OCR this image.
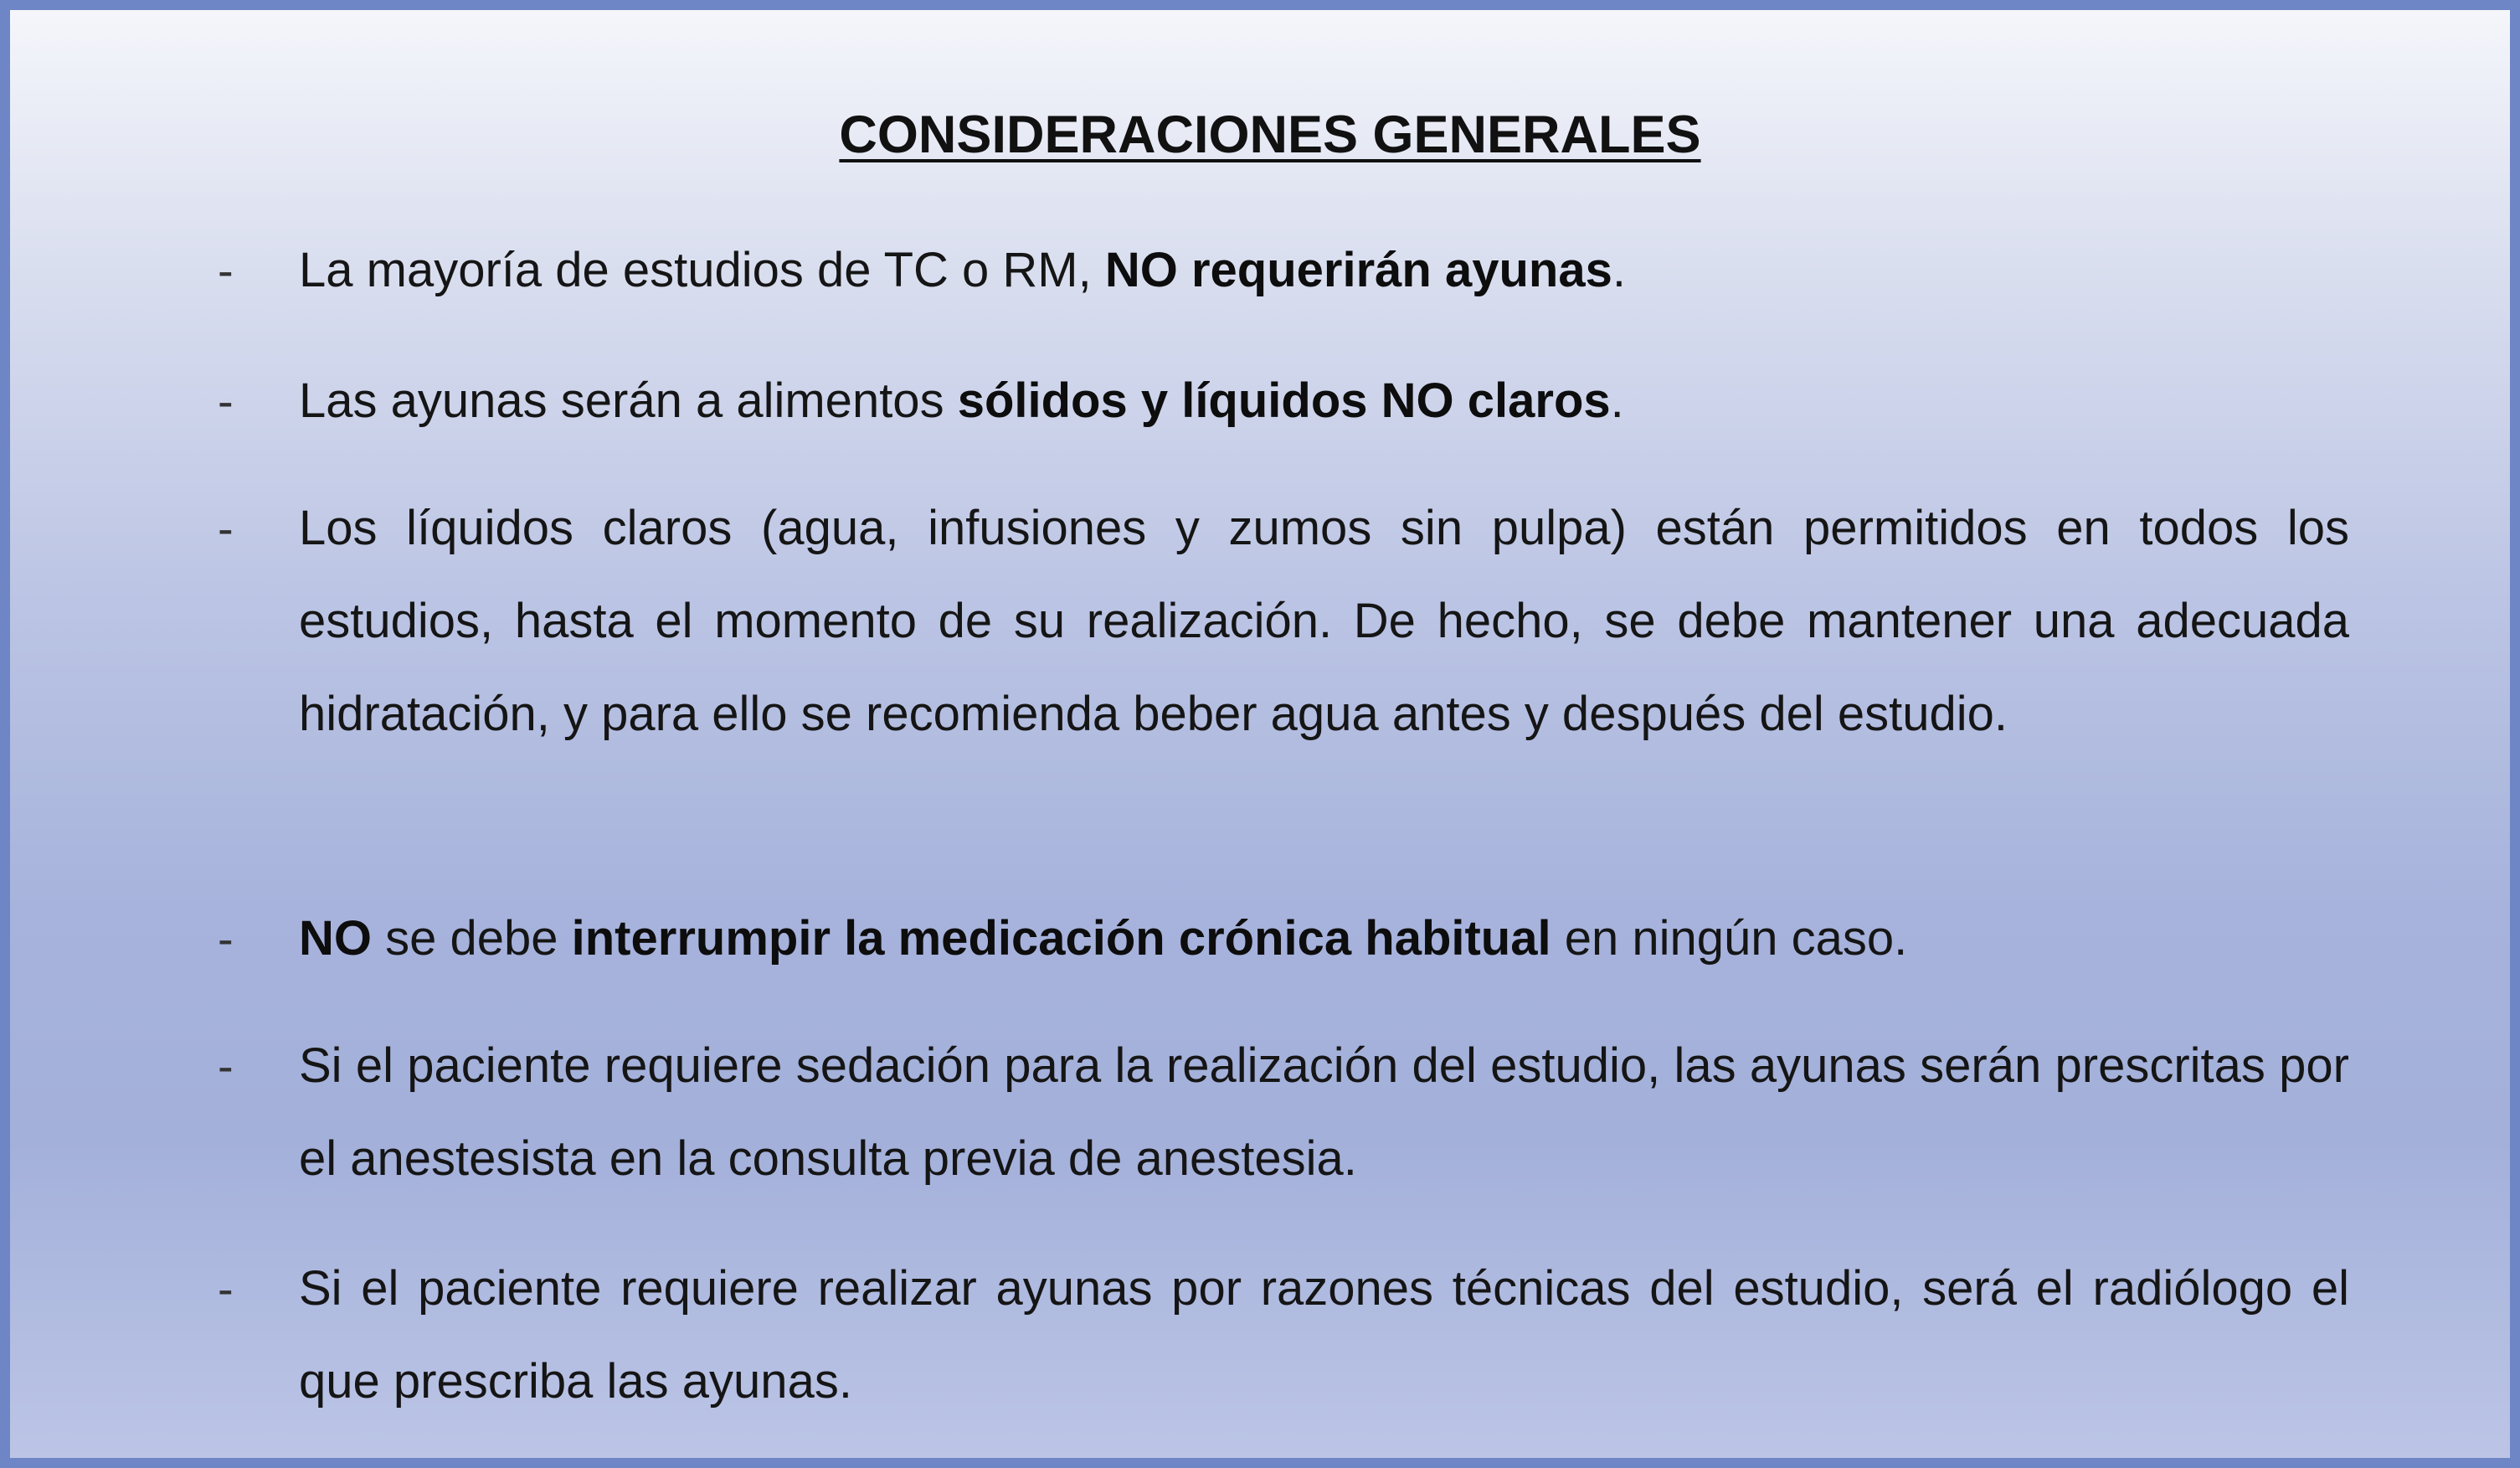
CONSIDERACIONES GENERALES
- La mayoría de estudios de TC o RM, NO requerirán ayunas.
- Las ayunas serán a alimentos sólidos y líquidos NO claros.
- Los líquidos claros (agua, infusiones y zumos sin pulpa) están permitidos en todos los estudios, hasta el momento de su realización. De hecho, se debe mantener una adecuada hidratación, y para ello se recomienda beber agua antes y después del estudio.
- NO se debe interrumpir la medicación crónica habitual en ningún caso.
- Si el paciente requiere sedación para la realización del estudio, las ayunas serán prescritas por el anestesista en la consulta previa de anestesia.
- Si el paciente requiere realizar ayunas por razones técnicas del estudio, será el radiólogo el que prescriba las ayunas.
